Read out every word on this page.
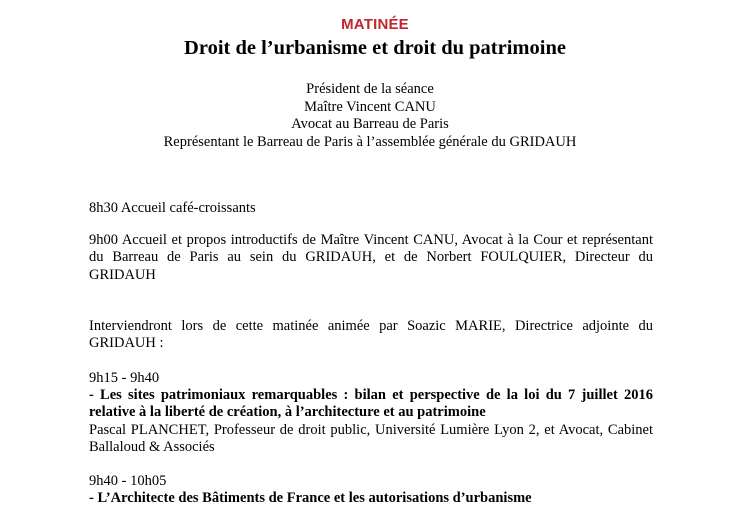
MATINÉE
Droit de l’urbanisme et droit du patrimoine
Président de la séance
Maître Vincent CANU
Avocat au Barreau de Paris
Représentant le Barreau de Paris à l’assemblée générale du GRIDAUH
8h30 Accueil café-croissants
9h00 Accueil et propos introductifs de Maître Vincent CANU, Avocat à la Cour et représentant du Barreau de Paris au sein du GRIDAUH, et de Norbert FOULQUIER, Directeur du GRIDAUH
Interviendront lors de cette matinée animée par Soazic MARIE, Directrice adjointe du GRIDAUH :
9h15 - 9h40
- Les sites patrimoniaux remarquables : bilan et perspective de la loi du 7 juillet 2016 relative à la liberté de création, à l’architecture et au patrimoine
Pascal PLANCHET, Professeur de droit public, Université Lumière Lyon 2, et Avocat, Cabinet Ballaloud & Associés
9h40 - 10h05
- L’Architecte des Bâtiments de France et les autorisations d’urbanisme
